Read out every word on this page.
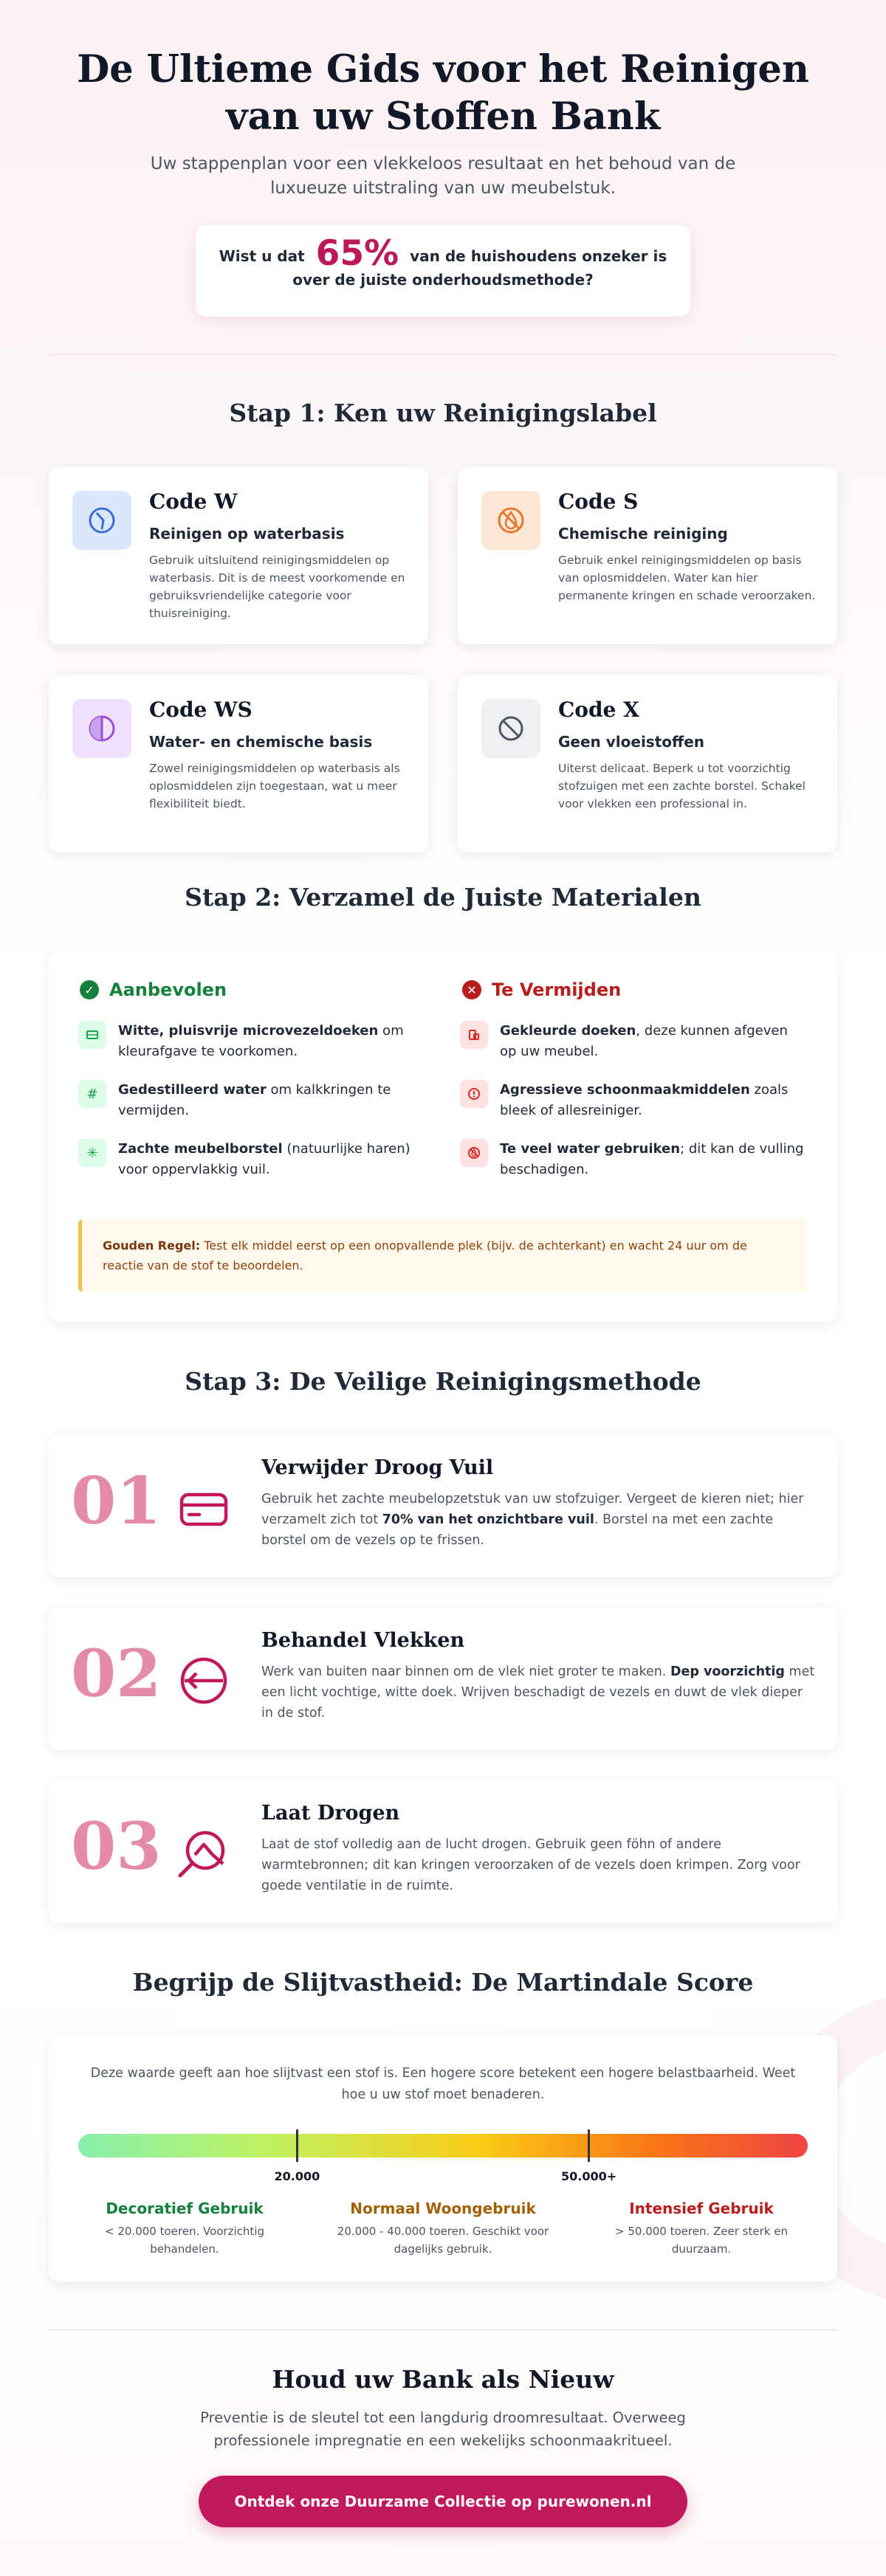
De Ultieme Gids voor het Reinigen van uw Stoffen Bank

Uw stappenplan voor een vlekkeloos resultaat en het behoud van de luxueuze uitstraling van uw meubelstuk.

Wist u dat 65% van de huishoudens onzeker is
over de juiste onderhoudsmethode?
Stap 1: Ken uw Reinigingslabel
Code W
Reinigen op waterbasis
Gebruik uitsluitend reinigingsmiddelen op waterbasis. Dit is de meest voorkomende en gebruiksvriendelijke categorie voor thuisreiniging.
Code S
Chemische reiniging
Gebruik enkel reinigingsmiddelen op basis van oplosmiddelen. Water kan hier permanente kringen en schade veroorzaken.
Code WS
Water- en chemische basis
Zowel reinigingsmiddelen op waterbasis als oplosmiddelen zijn toegestaan, wat u meer flexibiliteit biedt.
Code X
Geen vloeistoffen
Uiterst delicaat. Beperk u tot voorzichtig stofzuigen met een zachte borstel. Schakel voor vlekken een professional in.
Stap 2: Verzamel de Juiste Materialen
✓ Aanbevolen	✕ Te Vermijden
Witte, pluisvrije microvezeldoeken om kleurafgave te voorkomen.
#	Gedestilleerd water om kalkkringen te vermijden.
✳	Zachte meubelborstel (natuurlijke haren) voor oppervlakkig vuil.
Gekleurde doeken, deze kunnen afgeven op uw meubel.
Agressieve schoonmaakmiddelen zoals bleek of allesreiniger.
Te veel water gebruiken; dit kan de vulling beschadigen.
Gouden Regel: Test elk middel eerst op een onopvallende plek (bijv. de achterkant) en wacht 24 uur om de reactie van de stof te beoordelen.
Stap 3: De Veilige Reinigingsmethode
01	Verwijder Droog Vuil
Gebruik het zachte meubelopzetstuk van uw stofzuiger. Vergeet de kieren niet; hier verzamelt zich tot 70% van het onzichtbare vuil. Borstel na met een zachte borstel om de vezels op te frissen.
02	Behandel Vlekken
Werk van buiten naar binnen om de vlek niet groter te maken. Dep voorzichtig met een licht vochtige, witte doek. Wrijven beschadigt de vezels en duwt de vlek dieper in de stof.
03	Laat Drogen
Laat de stof volledig aan de lucht drogen. Gebruik geen föhn of andere warmtebronnen; dit kan kringen veroorzaken of de vezels doen krimpen. Zorg voor goede ventilatie in de ruimte.
Begrijp de Slijtvastheid: De Martindale Score

Deze waarde geeft aan hoe slijtvast een stof is. Een hogere score betekent een hogere belastbaarheid. Weet hoe u uw stof moet benaderen.

20.000	50.000+
Decoratief Gebruik
< 20.000 toeren. Voorzichtig behandelen.
Normaal Woongebruik
20.000 - 40.000 toeren. Geschikt voor dagelijks gebruik.
Intensief Gebruik
> 50.000 toeren. Zeer sterk en duurzaam.
Houd uw Bank als Nieuw

Preventie is de sleutel tot een langdurig droomresultaat. Overweeg professionele impregnatie en een wekelijks schoonmaakritueel.

Ontdek onze Duurzame Collectie op purewonen.nl
